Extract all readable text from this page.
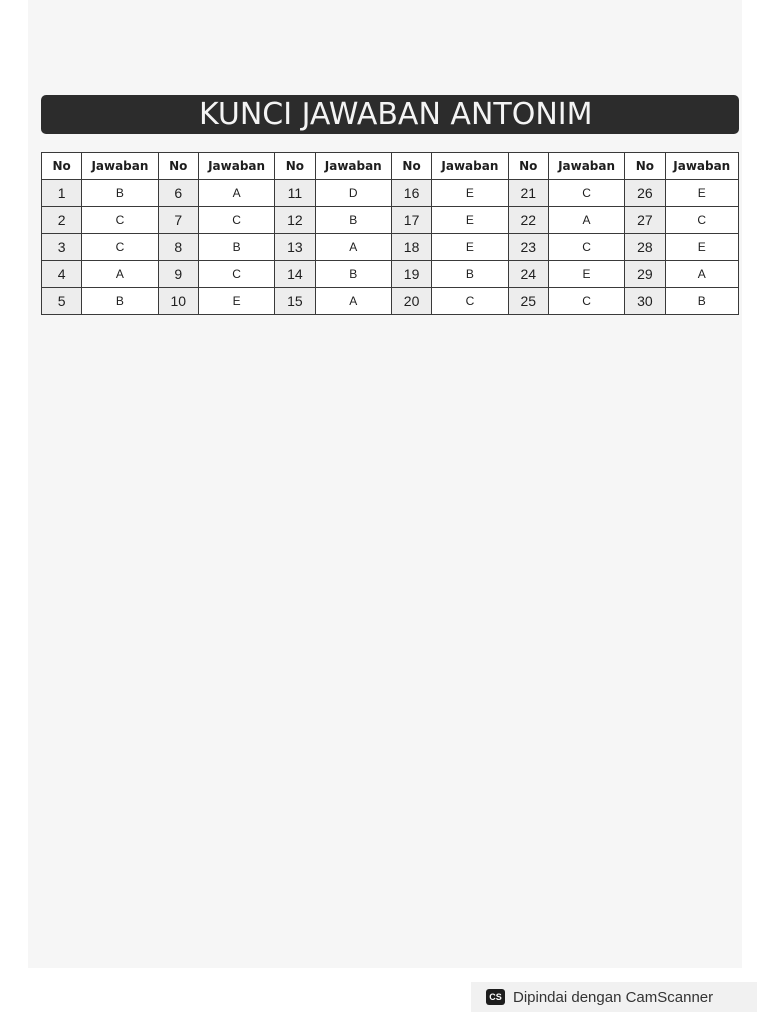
KUNCI JAWABAN ANTONIM
No	Jawaban	No	Jawaban	No	Jawaban	No	Jawaban	No	Jawaban	No	Jawaban
1	B	6	A	11	D	16	E	21	C	26	E
2	C	7	C	12	B	17	E	22	A	27	C
3	C	8	B	13	A	18	E	23	C	28	E
4	A	9	C	14	B	19	B	24	E	29	A
5	B	10	E	15	A	20	C	25	C	30	B
CS Dipindai dengan CamScanner
